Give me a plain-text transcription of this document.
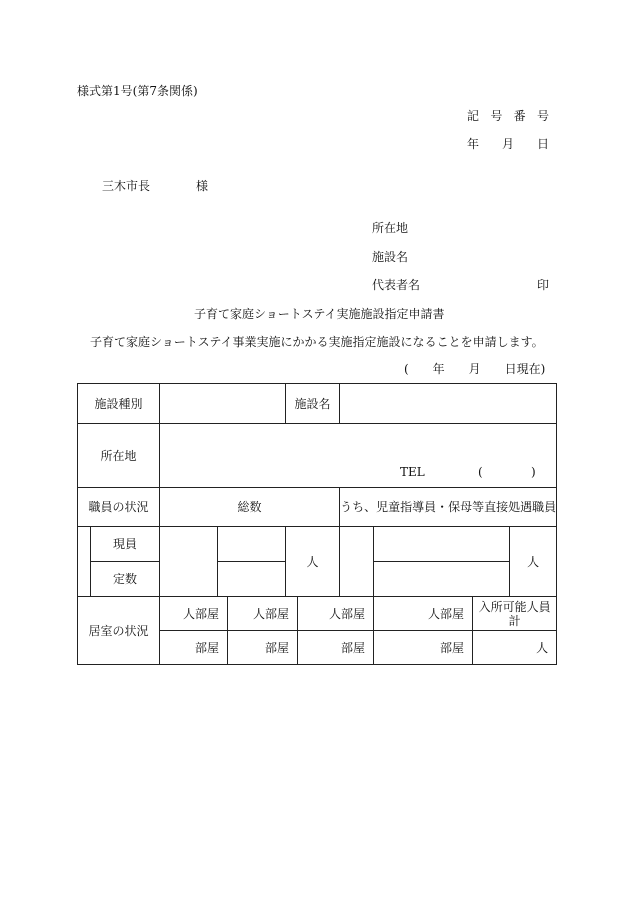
様式第1号(第7条関係)
記 号 番 号
年 月 日
三木市長	様
所在地
施設名
代表者名	印
子育て家庭ショートステイ実施施設指定申請書
子育て家庭ショートステイ事業実施にかかる実施指定施設になることを申請します。
(　　年　　月　　日現在)
施設種別					施設名					
所在地		TEL ( )								

職員の状況		総数					うち、児童指導員・保母等直接処遇職員			
	現員				人					人
	定数									
居室の状況		人部屋		人部屋		人部屋		人部屋	入所可能人員計	
		部屋		部屋		部屋		部屋	人	
